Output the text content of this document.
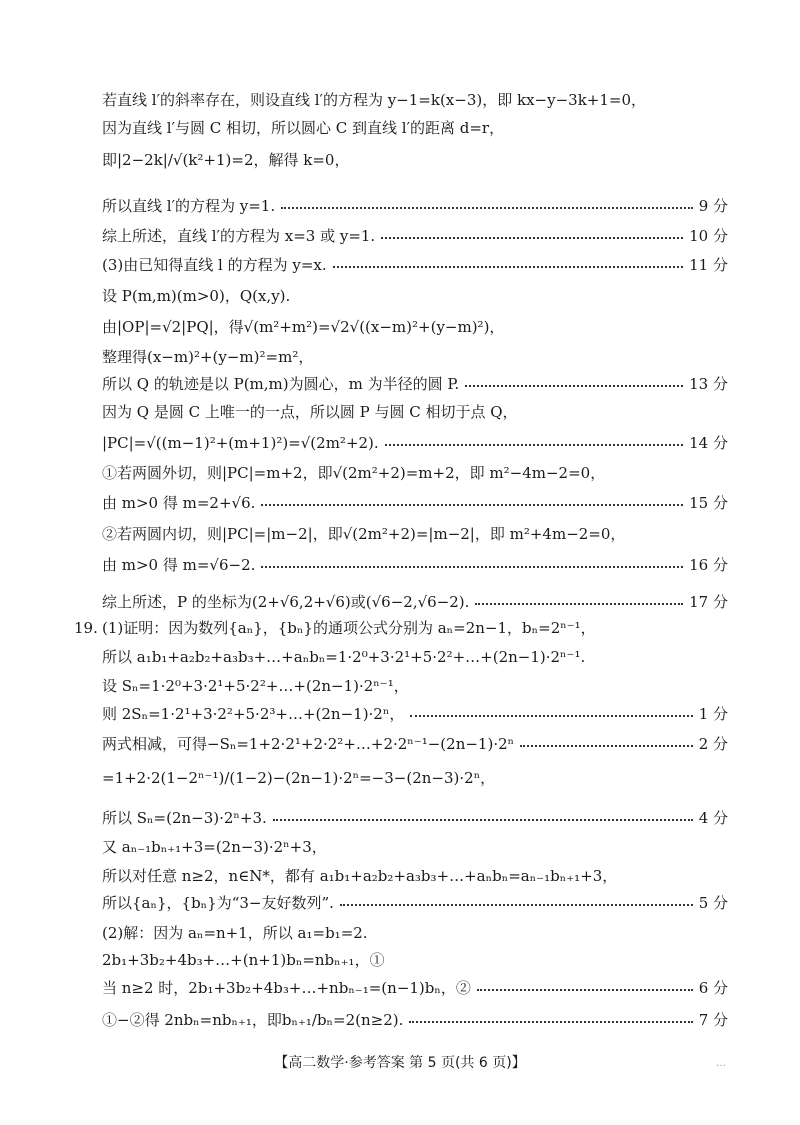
若直线 l′的斜率存在，则设直线 l′的方程为 y−1=k(x−3)，即 kx−y−3k+1=0，
因为直线 l′与圆 C 相切，所以圆心 C 到直线 l′的距离 d=r，
即|2−2k|/√(k²+1)=2，解得 k=0，
所以直线 l′的方程为 y=1.	9 分
综上所述，直线 l′的方程为 x=3 或 y=1.	10 分
(3)由已知得直线 l 的方程为 y=x.	11 分
设 P(m,m)(m>0)，Q(x,y).
由|OP|=√2|PQ|，得√(m²+m²)=√2√((x−m)²+(y−m)²)，
整理得(x−m)²+(y−m)²=m²，
所以 Q 的轨迹是以 P(m,m)为圆心，m 为半径的圆 P.	13 分
因为 Q 是圆 C 上唯一的一点，所以圆 P 与圆 C 相切于点 Q，
|PC|=√((m−1)²+(m+1)²)=√(2m²+2).	14 分
①若两圆外切，则|PC|=m+2，即√(2m²+2)=m+2，即 m²−4m−2=0，
由 m>0 得 m=2+√6.	15 分
②若两圆内切，则|PC|=|m−2|，即√(2m²+2)=|m−2|，即 m²+4m−2=0，
由 m>0 得 m=√6−2.	16 分
综上所述，P 的坐标为(2+√6,2+√6)或(√6−2,√6−2).	17 分
(1)证明：因为数列{aₙ}，{bₙ}的通项公式分别为 aₙ=2n−1，bₙ=2ⁿ⁻¹，
所以 a₁b₁+a₂b₂+a₃b₃+…+aₙbₙ=1·2⁰+3·2¹+5·2²+…+(2n−1)·2ⁿ⁻¹.
设 Sₙ=1·2⁰+3·2¹+5·2²+…+(2n−1)·2ⁿ⁻¹，
则 2Sₙ=1·2¹+3·2²+5·2³+…+(2n−1)·2ⁿ，	1 分
两式相减，可得−Sₙ=1+2·2¹+2·2²+…+2·2ⁿ⁻¹−(2n−1)·2ⁿ	2 分
=1+2·2(1−2ⁿ⁻¹)/(1−2)−(2n−1)·2ⁿ=−3−(2n−3)·2ⁿ，
所以 Sₙ=(2n−3)·2ⁿ+3.	4 分
又 aₙ₋₁bₙ₊₁+3=(2n−3)·2ⁿ+3，
所以对任意 n≥2，n∈N*，都有 a₁b₁+a₂b₂+a₃b₃+…+aₙbₙ=aₙ₋₁bₙ₊₁+3，
所以{aₙ}，{bₙ}为“3−友好数列”.	5 分
(2)解：因为 aₙ=n+1，所以 a₁=b₁=2.
2b₁+3b₂+4b₃+…+(n+1)bₙ=nbₙ₊₁，①
当 n≥2 时，2b₁+3b₂+4b₃+…+nbₙ₋₁=(n−1)bₙ，②	6 分
①−②得 2nbₙ=nbₙ₊₁，即bₙ₊₁/bₙ=2(n≥2).	7 分
19.
【高二数学·参考答案 第 5 页(共 6 页)】	…
